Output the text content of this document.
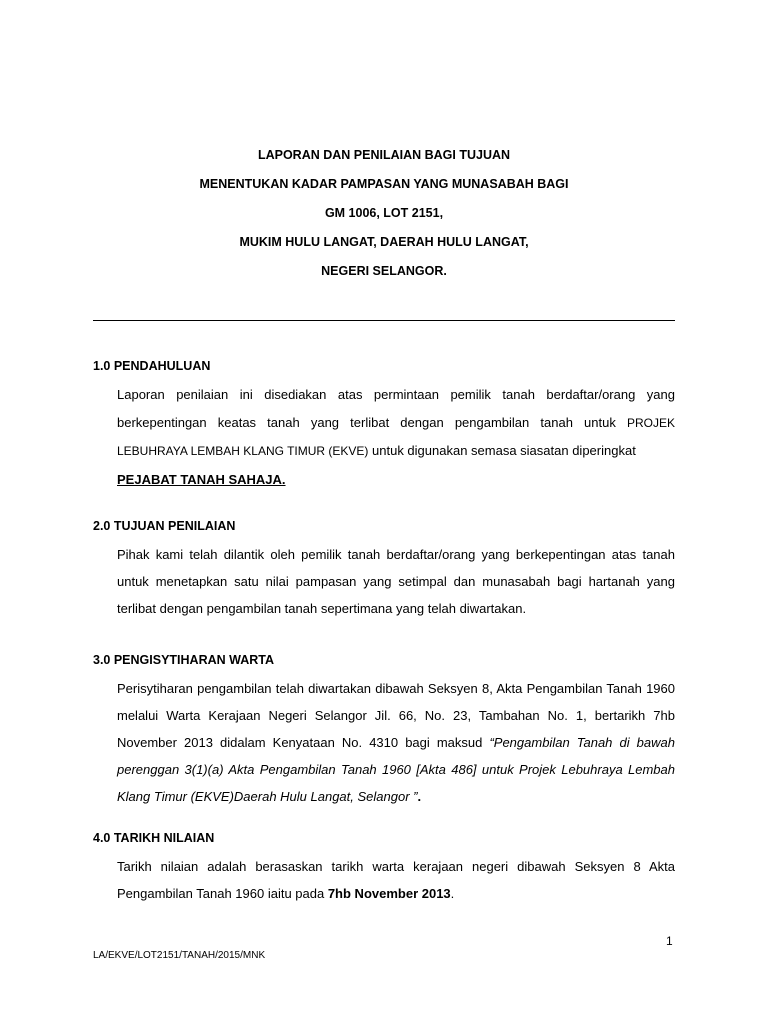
LAPORAN DAN PENILAIAN BAGI TUJUAN
MENENTUKAN KADAR PAMPASAN YANG MUNASABAH BAGI
GM 1006, LOT 2151,
MUKIM HULU LANGAT, DAERAH HULU LANGAT,
NEGERI SELANGOR.
1.0 PENDAHULUAN
Laporan penilaian ini disediakan atas permintaan pemilik tanah berdaftar/orang yang berkepentingan keatas tanah yang terlibat dengan pengambilan tanah untuk PROJEK LEBUHRAYA LEMBAH KLANG TIMUR (EKVE) untuk digunakan semasa siasatan diperingkat
PEJABAT TANAH SAHAJA.
2.0 TUJUAN PENILAIAN
Pihak kami telah dilantik oleh pemilik tanah berdaftar/orang yang berkepentingan atas tanah untuk menetapkan satu nilai pampasan yang setimpal dan munasabah bagi hartanah yang terlibat dengan pengambilan tanah sepertimana yang telah diwartakan.
3.0 PENGISYTIHARAN WARTA
Perisytiharan pengambilan telah diwartakan dibawah Seksyen 8, Akta Pengambilan Tanah 1960 melalui Warta Kerajaan Negeri Selangor Jil. 66, No. 23, Tambahan No. 1, bertarikh 7hb November 2013 didalam Kenyataan No. 4310 bagi maksud “Pengambilan Tanah di bawah perenggan 3(1)(a) Akta Pengambilan Tanah 1960 [Akta 486] untuk Projek Lebuhraya Lembah Klang Timur (EKVE)Daerah Hulu Langat, Selangor ”.
4.0 TARIKH NILAIAN
Tarikh nilaian adalah berasaskan tarikh warta kerajaan negeri dibawah Seksyen 8 Akta Pengambilan Tanah 1960 iaitu pada 7hb November 2013.
1
LA/EKVE/LOT2151/TANAH/2015/MNK
